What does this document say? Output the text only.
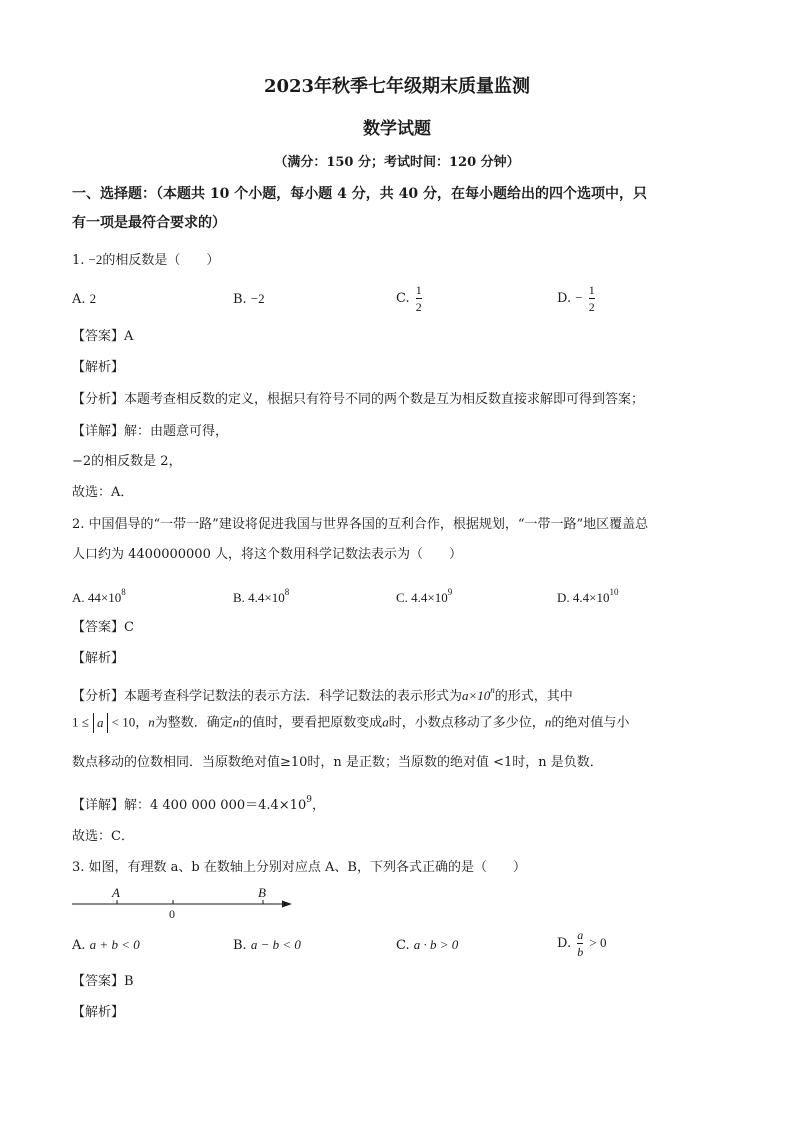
2023年秋季七年级期末质量监测
数学试题
（满分：150 分；考试时间：120 分钟）
一、选择题：（本题共 10 个小题，每小题 4 分，共 40 分，在每小题给出的四个选项中，只
有一项是最符合要求的）
1. −2的相反数是（　　）
A. 2	B. −2	C. $\frac{1}{2}$	D. − $\frac{1}{2}$
【答案】A
【解析】
【分析】本题考查相反数的定义，根据只有符号不同的两个数是互为相反数直接求解即可得到答案；
【详解】解：由题意可得，
−2的相反数是 2，
故选：A．
2. 中国倡导的“一带一路”建设将促进我国与世界各国的互利合作，根据规划，“一带一路”地区覆盖总
人口约为 4400000000 人，将这个数用科学记数法表示为（　　）
A. $44\times 10^8$	B. $4.4\times 10^8$	C. $4.4\times 10^9$	D. $4.4\times 10^{10}$
【答案】C
【解析】
【分析】本题考查科学记数法的表示方法．科学记数法的表示形式为$a\times 10^n$的形式，其中
1 ≤ a < 10，n为整数．确定n的值时，要看把原数变成a时，小数点移动了多少位，n的绝对值与小
数点移动的位数相同．当原数绝对值≥10时，n 是正数；当原数的绝对值 <1时，n 是负数．
【详解】解：4 400 000 $000=4.4\times 10^9$，
故选：C．
3. 如图，有理数 a、b 在数轴上分别对应点 A、B，下列各式正确的是（　　）
A	B
0
A. a + b < 0	B. a − b < 0	C. a · b > 0	D. $\frac{a}{b} > 0$
【答案】B
【解析】
